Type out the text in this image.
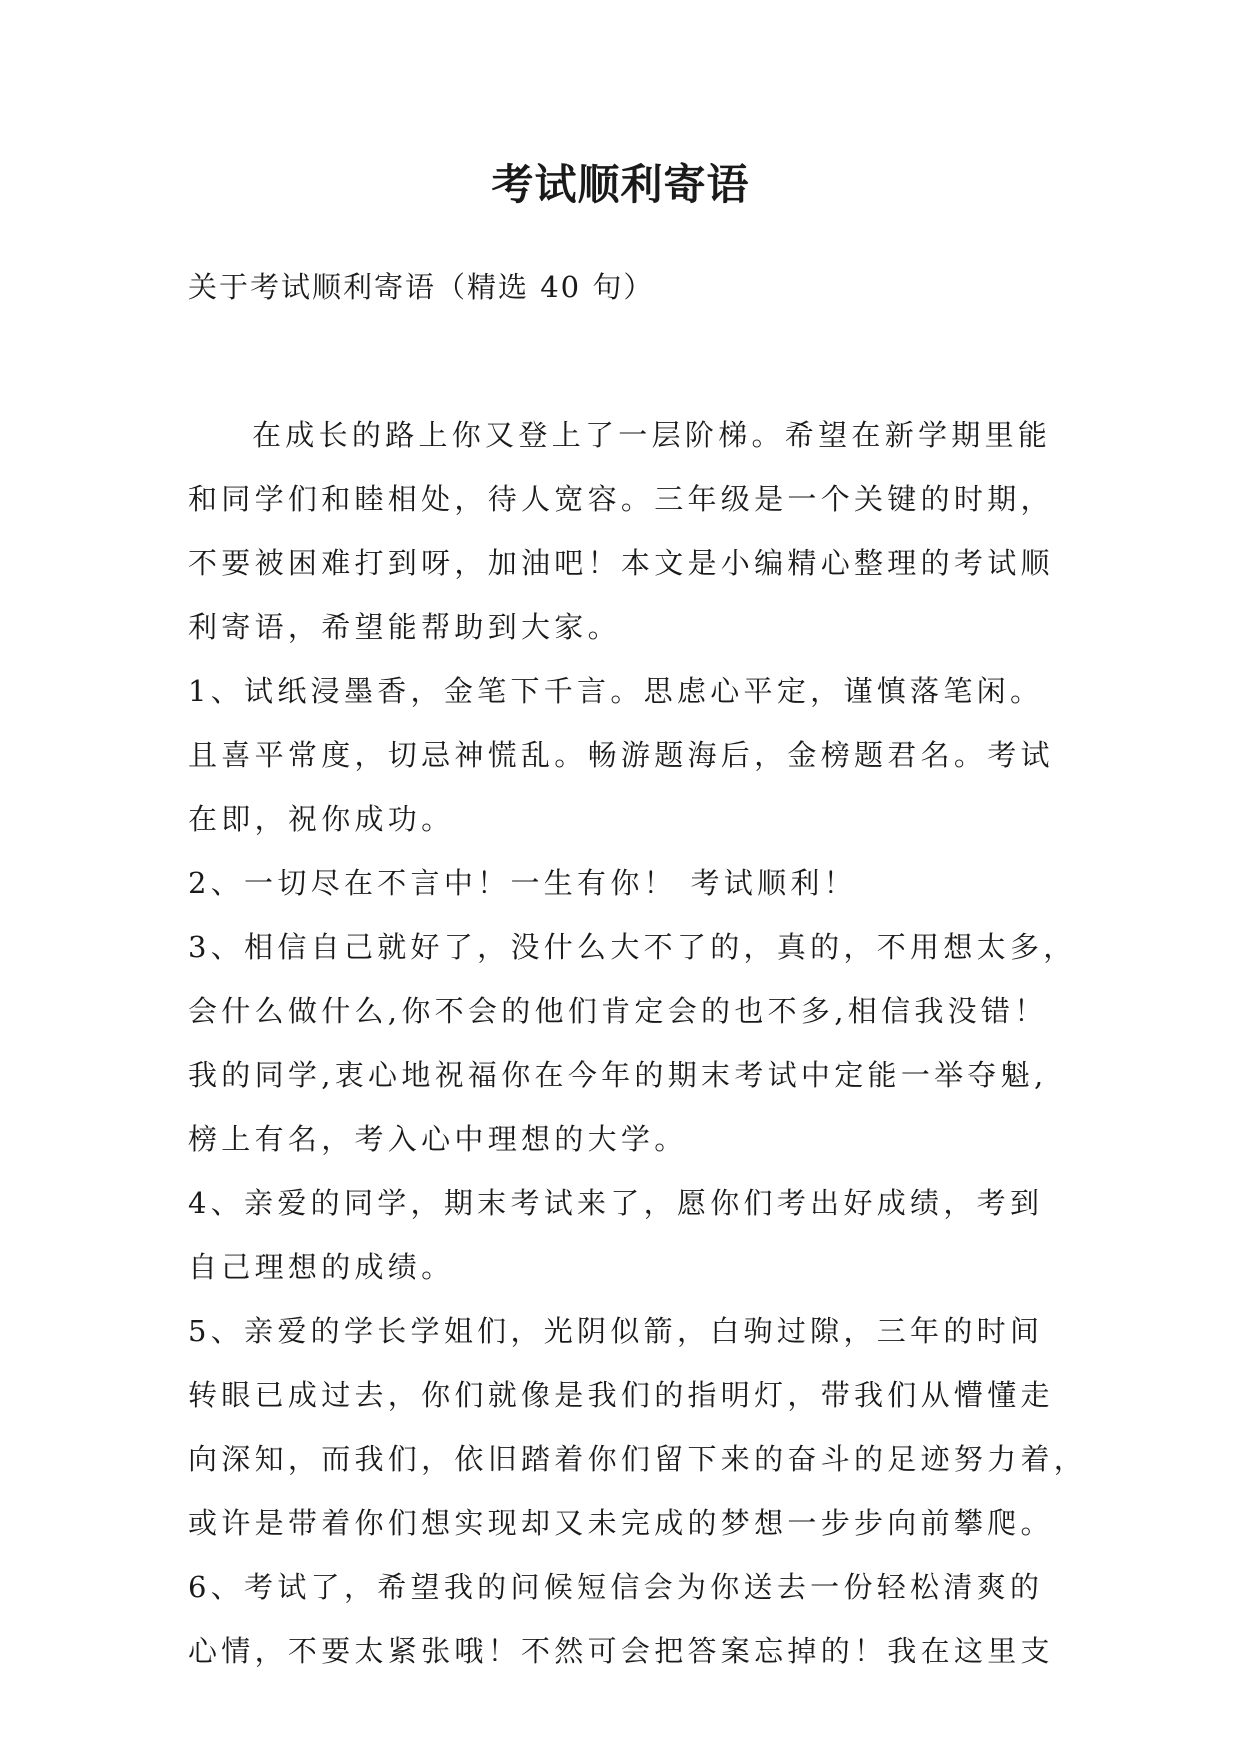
考试顺利寄语
关于考试顺利寄语（精选 40 句）
在成长的路上你又登上了一层阶梯。希望在新学期里能
和同学们和睦相处，待人宽容。三年级是一个关键的时期，
不要被困难打到呀，加油吧！本文是小编精心整理的考试顺
利寄语，希望能帮助到大家。
1、试纸浸墨香，金笔下千言。思虑心平定，谨慎落笔闲。
且喜平常度，切忌神慌乱。畅游题海后，金榜题君名。考试
在即，祝你成功。
2、一切尽在不言中！一生有你！ 考试顺利！
3、相信自己就好了，没什么大不了的，真的，不用想太多，
会什么做什么,你不会的他们肯定会的也不多,相信我没错！
我的同学,衷心地祝福你在今年的期末考试中定能一举夺魁,
榜上有名，考入心中理想的大学。
4、亲爱的同学，期末考试来了，愿你们考出好成绩，考到
自己理想的成绩。
5、亲爱的学长学姐们，光阴似箭，白驹过隙，三年的时间
转眼已成过去，你们就像是我们的指明灯，带我们从懵懂走
向深知，而我们，依旧踏着你们留下来的奋斗的足迹努力着，
或许是带着你们想实现却又未完成的梦想一步步向前攀爬。
6、考试了，希望我的问候短信会为你送去一份轻松清爽的
心情，不要太紧张哦！不然可会把答案忘掉的！我在这里支
